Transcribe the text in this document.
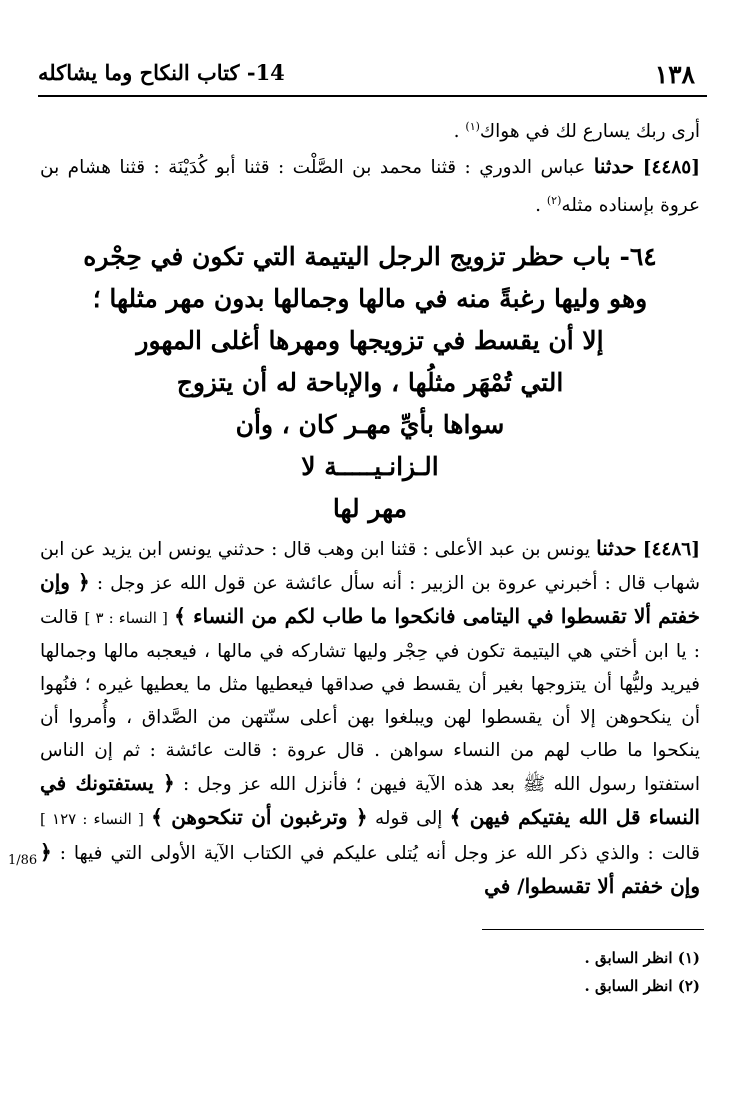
١٣٨
14- كتاب النكاح وما يشاكله

أرى ربك يسارع لك في هواك$^{(١)}$ .

[٤٤٨٥] حدثنا عباس الدوري : قثنا محمد بن الصَّلْت : قثنا أبو كُدَيْنَة : قثنا هشام بن عروة بإسناده مثله$^{(٢)}$ .

٦٤- باب حظر تزويج الرجل اليتيمة التي تكون في حِجْره
وهو وليها رغبةً منه في مالها وجمالها بدون مهر مثلها ؛
إلا أن يقسط في تزويجها ومهرها أغلى المهور
التي تُمْهَر مثلُها ، والإباحة له أن يتزوج
سواها بأيِّ مهـر كان ، وأن
الـزانـيـــــة لا
مهر لها

[٤٤٨٦] حدثنا يونس بن عبد الأعلى : قثنا ابن وهب قال : حدثني يونس ابن يزيد عن ابن شهاب قال : أخبرني عروة بن الزبير : أنه سأل عائشة عن قول الله عز وجل : ﴿ وإن خفتم ألا تقسطوا في اليتامى فانكحوا ما طاب لكم من النساء ﴾ [ النساء : ٣ ] قالت : يا ابن أختي هي اليتيمة تكون في حِجْر وليها تشاركه في مالها ، فيعجبه مالها وجمالها فيريد وليُّها أن يتزوجها بغير أن يقسط في صداقها فيعطيها مثل ما يعطيها غيره ؛ فنُهوا أن ينكحوهن إلا أن يقسطوا لهن ويبلغوا بهن أعلى سنّتهن من الصَّداق ، وأُمروا أن ينكحوا ما طاب لهم من النساء سواهن . قال عروة : قالت عائشة : ثم إن الناس استفتوا رسول الله ﷺ بعد هذه الآية فيهن ؛ فأنزل الله عز وجل : ﴿ يستفتونك في النساء قل الله يفتيكم فيهن ﴾ إلى قوله ﴿ وترغبون أن تنكحوهن ﴾ [ النساء : ١٢٧ ] قالت : والذي ذكر الله عز وجل أنه يُتلى عليكم في الكتاب الآية الأولى التي فيها : ﴿ وإن خفتم ألا تقسطوا/ في

1/86

(١) انظر السابق .

(٢) انظر السابق .
